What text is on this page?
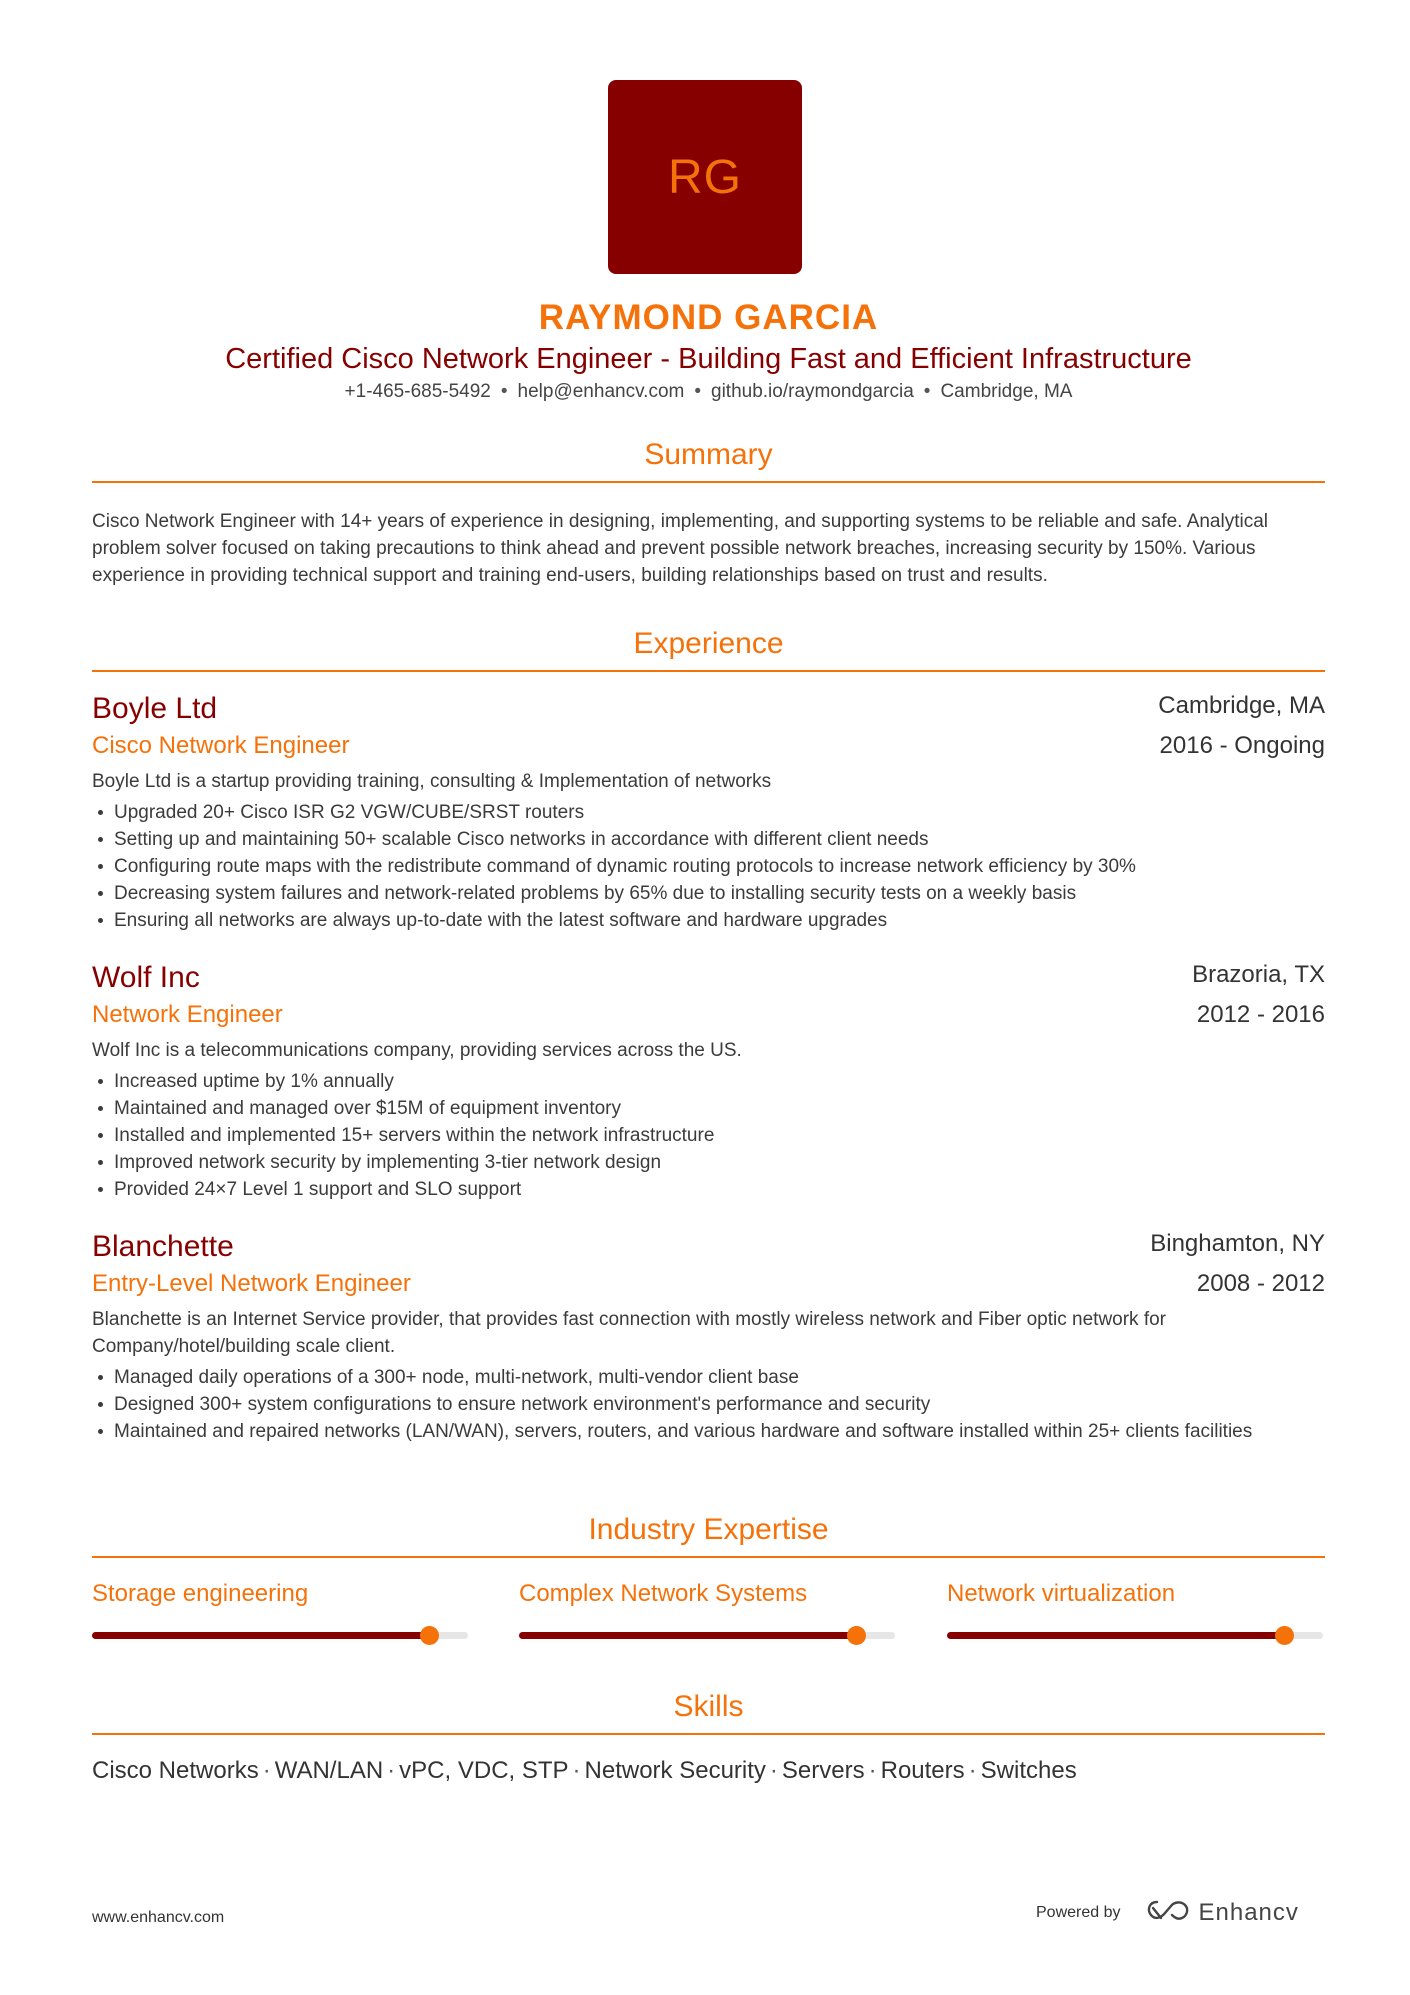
RG
RAYMOND GARCIA
Certified Cisco Network Engineer - Building Fast and Efficient Infrastructure
+1-465-685-5492 • help@enhancv.com • github.io/raymondgarcia • Cambridge, MA
Summary
Cisco Network Engineer with 14+ years of experience in designing, implementing, and supporting systems to be reliable and safe. Analytical problem solver focused on taking precautions to think ahead and prevent possible network breaches, increasing security by 150%. Various experience in providing technical support and training end-users, building relationships based on trust and results.
Experience
Boyle Ltd	Cambridge, MA
Cisco Network Engineer	2016 - Ongoing
Boyle Ltd is a startup providing training, consulting & Implementation of networks
Upgraded 20+ Cisco ISR G2 VGW/CUBE/SRST routers
Setting up and maintaining 50+ scalable Cisco networks in accordance with different client needs
Configuring route maps with the redistribute command of dynamic routing protocols to increase network efficiency by 30%
Decreasing system failures and network-related problems by 65% due to installing security tests on a weekly basis
Ensuring all networks are always up-to-date with the latest software and hardware upgrades
Wolf Inc	Brazoria, TX
Network Engineer	2012 - 2016
Wolf Inc is a telecommunications company, providing services across the US.
Increased uptime by 1% annually
Maintained and managed over $15M of equipment inventory
Installed and implemented 15+ servers within the network infrastructure
Improved network security by implementing 3-tier network design
Provided 24×7 Level 1 support and SLO support
Blanchette	Binghamton, NY
Entry-Level Network Engineer	2008 - 2012
Blanchette is an Internet Service provider, that provides fast connection with mostly wireless network and Fiber optic network for Company/hotel/building scale client.
Managed daily operations of a 300+ node, multi-network, multi-vendor client base
Designed 300+ system configurations to ensure network environment's performance and security
Maintained and repaired networks (LAN/WAN), servers, routers, and various hardware and software installed within 25+ clients facilities
Industry Expertise
Storage engineering	Complex Network Systems	Network virtualization
Skills
Cisco Networks · WAN/LAN · vPC, VDC, STP · Network Security · Servers · Routers · Switches
www.enhancv.com	Powered by	Enhancv
